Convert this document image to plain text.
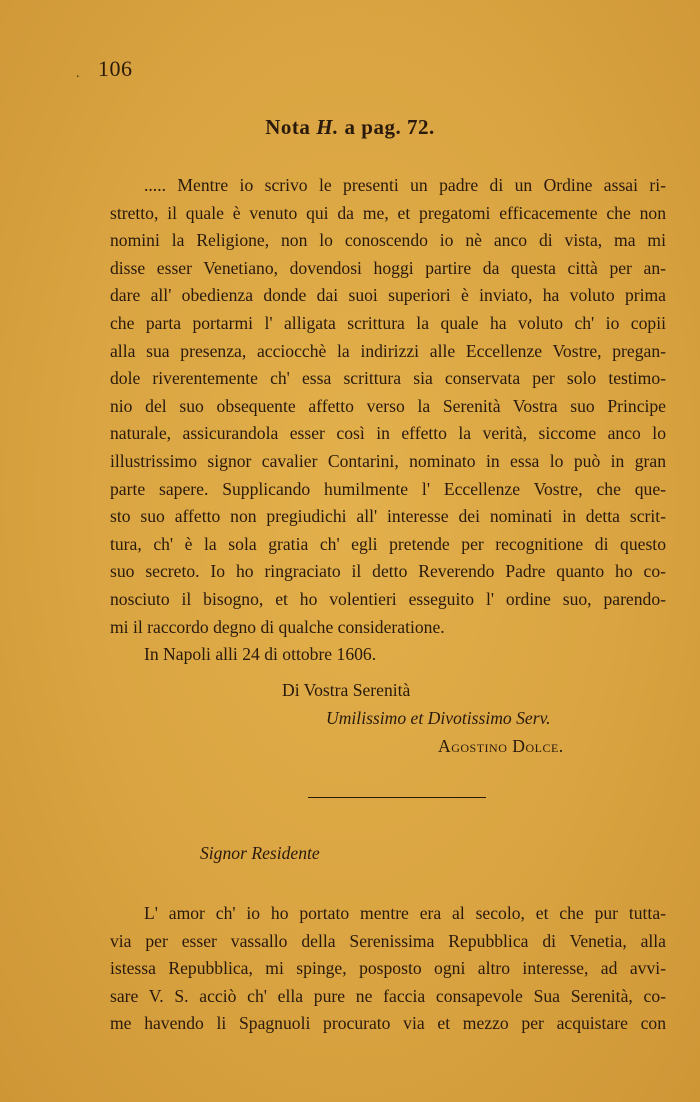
. 106
Nota H. a pag. 72.
..... Mentre io scrivo le presenti un padre di un Ordine assai ri-
stretto, il quale è venuto qui da me, et pregatomi efficacemente che non
nomini la Religione, non lo conoscendo io nè anco di vista, ma mi
disse esser Venetiano, dovendosi hoggi partire da questa città per an-
dare all' obedienza donde dai suoi superiori è inviato, ha voluto prima
che parta portarmi l' alligata scrittura la quale ha voluto ch' io copii
alla sua presenza, acciocchè la indirizzi alle Eccellenze Vostre, pregan-
dole riverentemente ch' essa scrittura sia conservata per solo testimo-
nio del suo obsequente affetto verso la Serenità Vostra suo Principe
naturale, assicurandola esser così in effetto la verità, siccome anco lo
illustrissimo signor cavalier Contarini, nominato in essa lo può in gran
parte sapere. Supplicando humilmente l' Eccellenze Vostre, che que-
sto suo affetto non pregiudichi all' interesse dei nominati in detta scrit-
tura, ch' è la sola gratia ch' egli pretende per recognitione di questo
suo secreto. Io ho ringraciato il detto Reverendo Padre quanto ho co-
nosciuto il bisogno, et ho volentieri esseguito l' ordine suo, parendo-
mi il raccordo degno di qualche consideratione.
In Napoli alli 24 di ottobre 1606.
Di Vostra Serenità
Umilissimo et Divotissimo Serv.
Agostino Dolce.
Signor Residente
L' amor ch' io ho portato mentre era al secolo, et che pur tutta-
via per esser vassallo della Serenissima Repubblica di Venetia, alla
istessa Repubblica, mi spinge, posposto ogni altro interesse, ad avvi-
sare V. S. acciò ch' ella pure ne faccia consapevole Sua Serenità, co-
me havendo li Spagnuoli procurato via et mezzo per acquistare con
